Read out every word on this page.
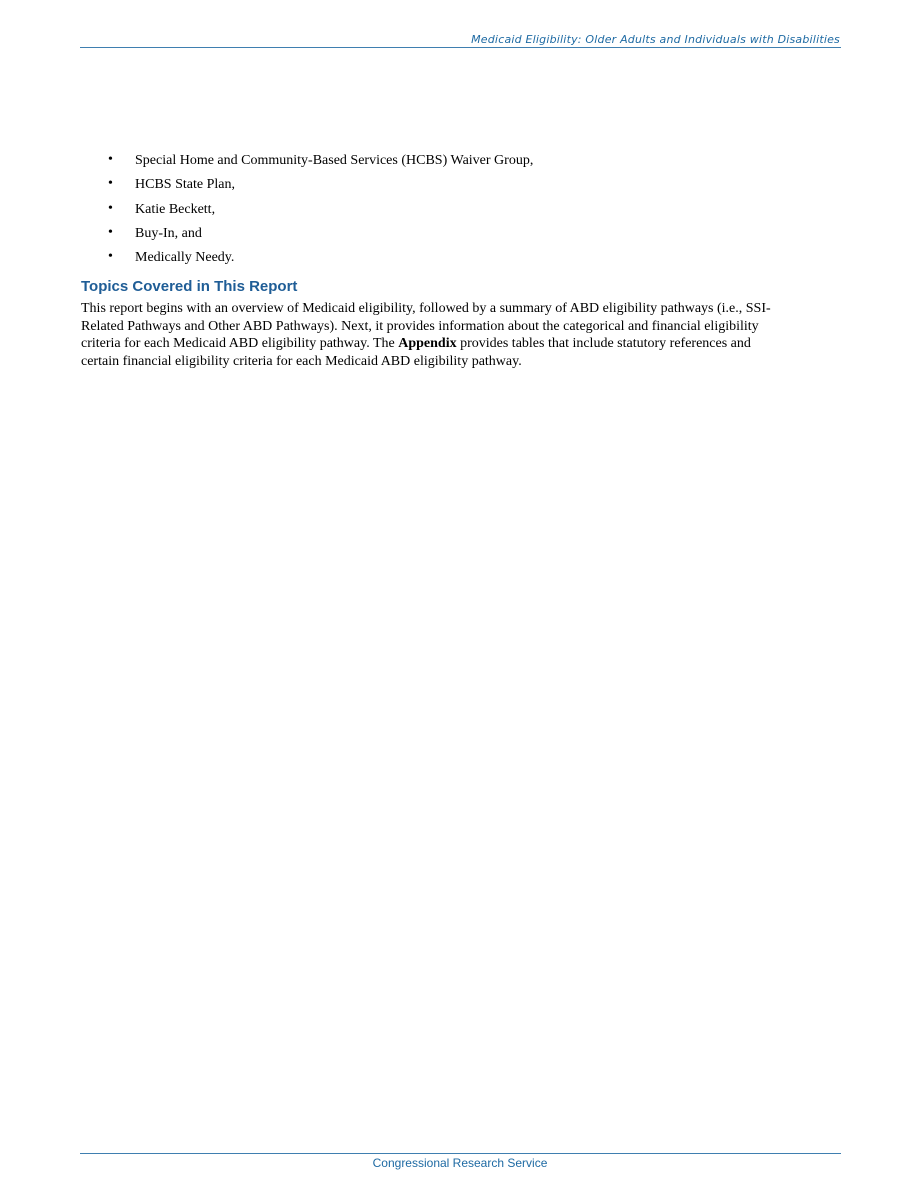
Medicaid Eligibility: Older Adults and Individuals with Disabilities
• Special Home and Community-Based Services (HCBS) Waiver Group,
• HCBS State Plan,
• Katie Beckett,
• Buy-In, and
• Medically Needy.
Topics Covered in This Report

This report begins with an overview of Medicaid eligibility, followed by a summary of ABD eligibility pathways (i.e., SSI-
Related Pathways and Other ABD Pathways). Next, it provides information about the categorical and financial eligibility
criteria for each Medicaid ABD eligibility pathway. The Appendix provides tables that include statutory references and
certain financial eligibility criteria for each Medicaid ABD eligibility pathway.

Congressional Research Service
